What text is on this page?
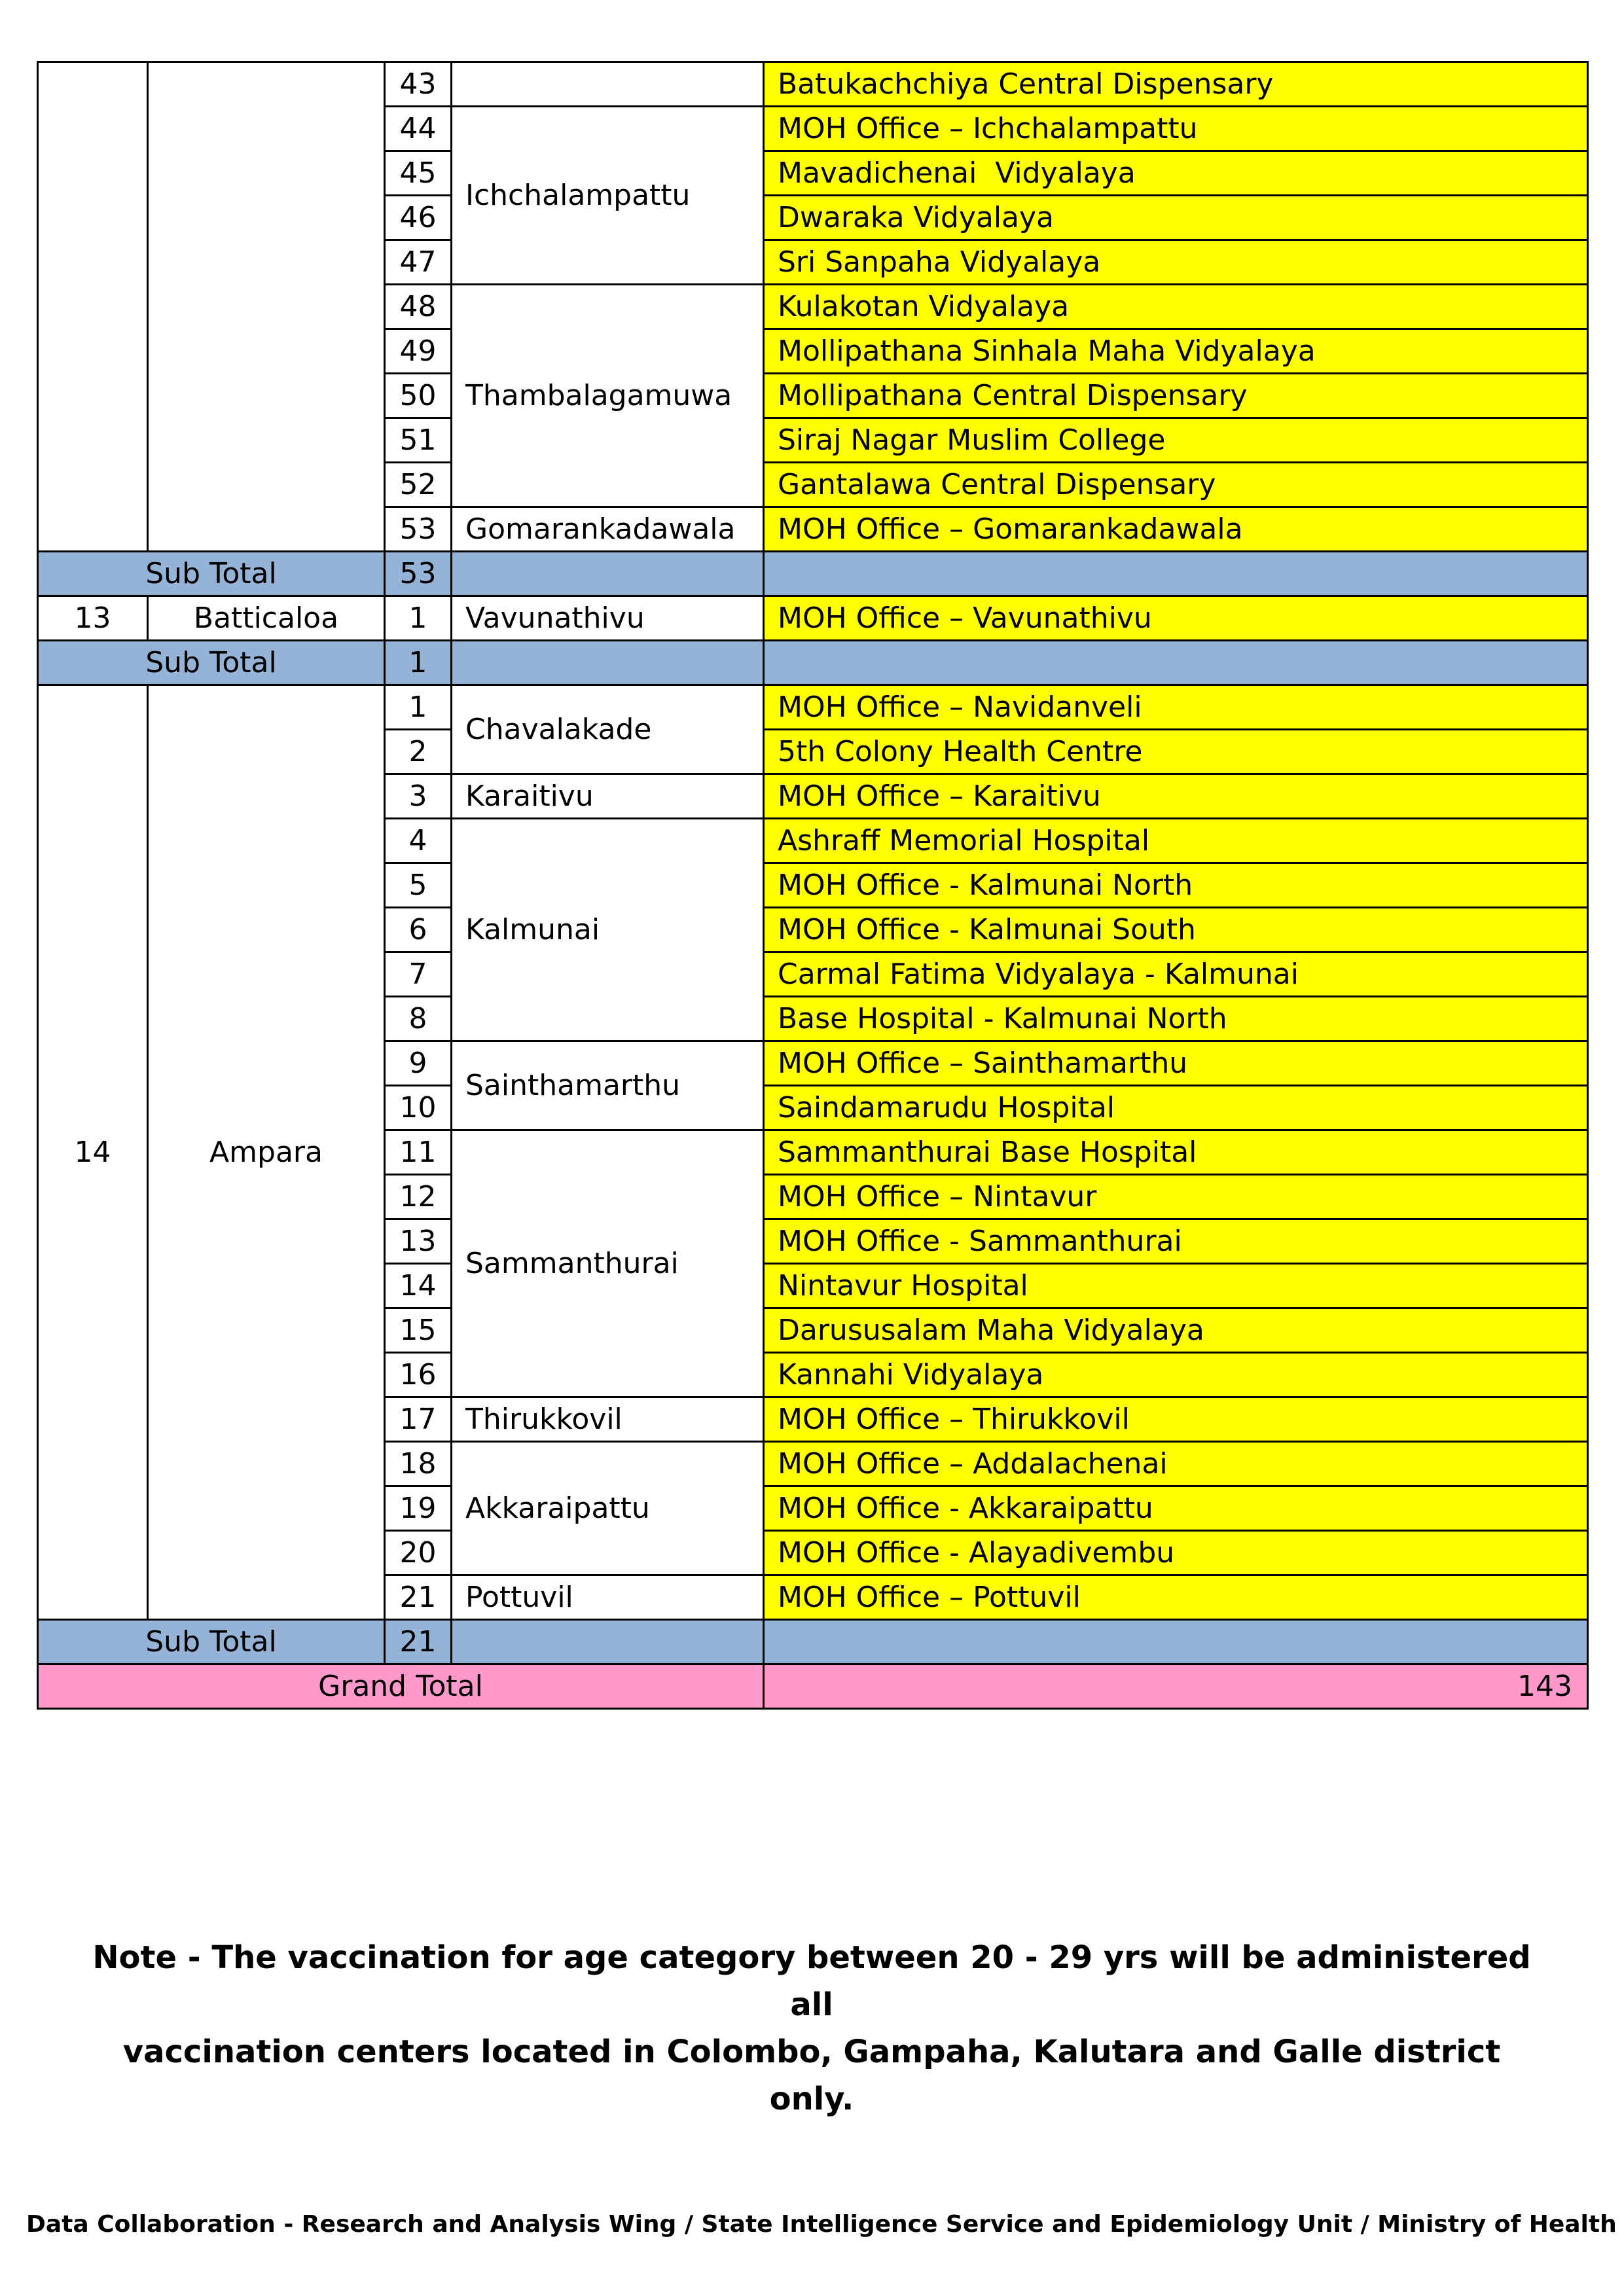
		43		Batukachchiya Central Dispensary
		44	Ichchalampattu	MOH Office – Ichchalampattu
		45		Mavadichenai  Vidyalaya
		46		Dwaraka Vidyalaya
		47		Sri Sanpaha Vidyalaya
		48	Thambalagamuwa	Kulakotan Vidyalaya
		49		Mollipathana Sinhala Maha Vidyalaya
		50		Mollipathana Central Dispensary
		51		Siraj Nagar Muslim College
		52		Gantalawa Central Dispensary
		53	Gomarankadawala	MOH Office – Gomarankadawala
Sub Total		53		
13	Batticaloa	1	Vavunathivu	MOH Office – Vavunathivu
Sub Total		1		
14	Ampara	1	Chavalakade	MOH Office – Navidanveli
		2		5th Colony Health Centre
		3	Karaitivu	MOH Office – Karaitivu
		4	Kalmunai	Ashraff Memorial Hospital
		5		MOH Office - Kalmunai North
		6		MOH Office - Kalmunai South
		7		Carmal Fatima Vidyalaya - Kalmunai
		8		Base Hospital - Kalmunai North
		9	Sainthamarthu	MOH Office – Sainthamarthu
		10		Saindamarudu Hospital
		11	Sammanthurai	Sammanthurai Base Hospital
		12		MOH Office – Nintavur
		13		MOH Office - Sammanthurai
		14		Nintavur Hospital
		15		Darususalam Maha Vidyalaya
		16		Kannahi Vidyalaya
		17	Thirukkovil	MOH Office – Thirukkovil
		18	Akkaraipattu	MOH Office – Addalachenai
		19		MOH Office - Akkaraipattu
		20		MOH Office - Alayadivembu
		21	Pottuvil	MOH Office – Pottuvil
Sub Total		21		
Grand Total				143
Note - The vaccination for age category between 20 - 29 yrs will be administered all
vaccination centers located in Colombo, Gampaha, Kalutara and Galle district only.
Data Collaboration - Research and Analysis Wing / State Intelligence Service and Epidemiology Unit / Ministry of Health
